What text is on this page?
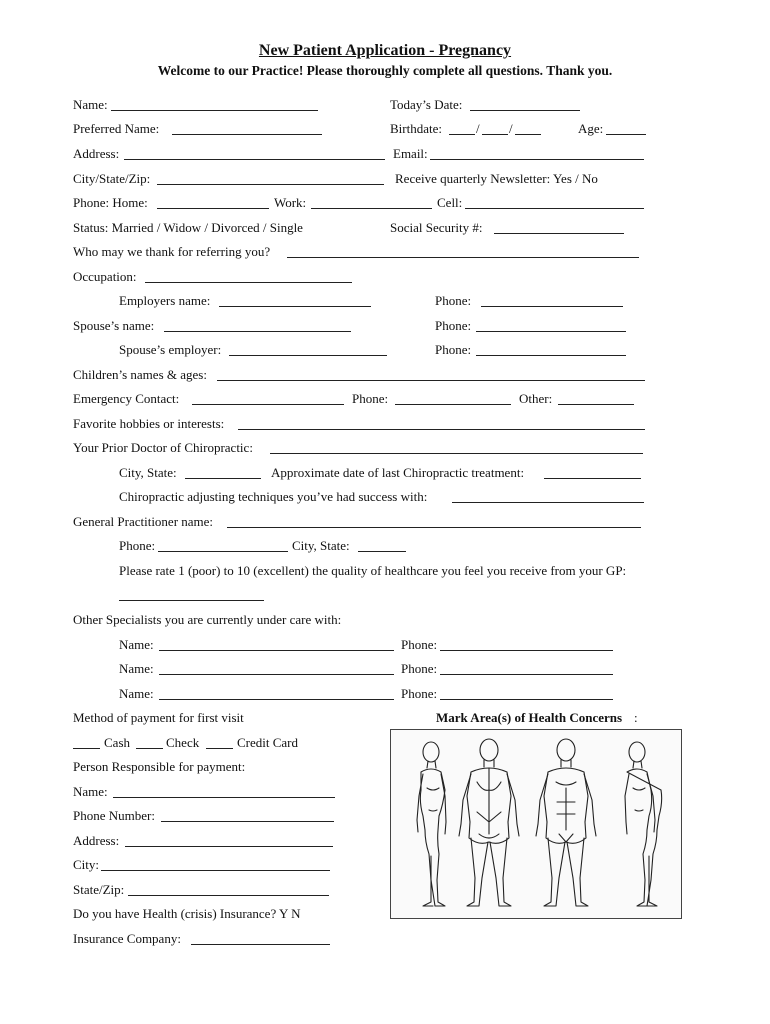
New Patient Application - Pregnancy
Welcome to our Practice! Please thoroughly complete all questions. Thank you.
Name:	Today’s Date:
Preferred Name:	Birthdate:	/ /	Age:
Address:	Email:
City/State/Zip:	Receive quarterly Newsletter: Yes / No
Phone: Home:	Work:	Cell:
Status: Married / Widow / Divorced / Single	Social Security #:
Who may we thank for referring you?
Occupation:
Employers name:	Phone:
Spouse’s name:	Phone:
Spouse’s employer:	Phone:
Children’s names & ages:
Emergency Contact:	Phone:	Other:
Favorite hobbies or interests:
Your Prior Doctor of Chiropractic:
City, State:	Approximate date of last Chiropractic treatment:
Chiropractic adjusting techniques you’ve had success with:
General Practitioner name:
Phone:	City, State:
Please rate 1 (poor) to 10 (excellent) the quality of healthcare you feel you receive from your GP:
Other Specialists you are currently under care with:
Name:	Phone:
Name:	Phone:
Name:	Phone:
Method of payment for first visit	Mark Area(s) of Health Concerns :
Cash	Check	Credit Card
Person Responsible for payment:
Name:
Phone Number:
Address:
City:
State/Zip:
Do you have Health (crisis) Insurance? Y N
Insurance Company:
